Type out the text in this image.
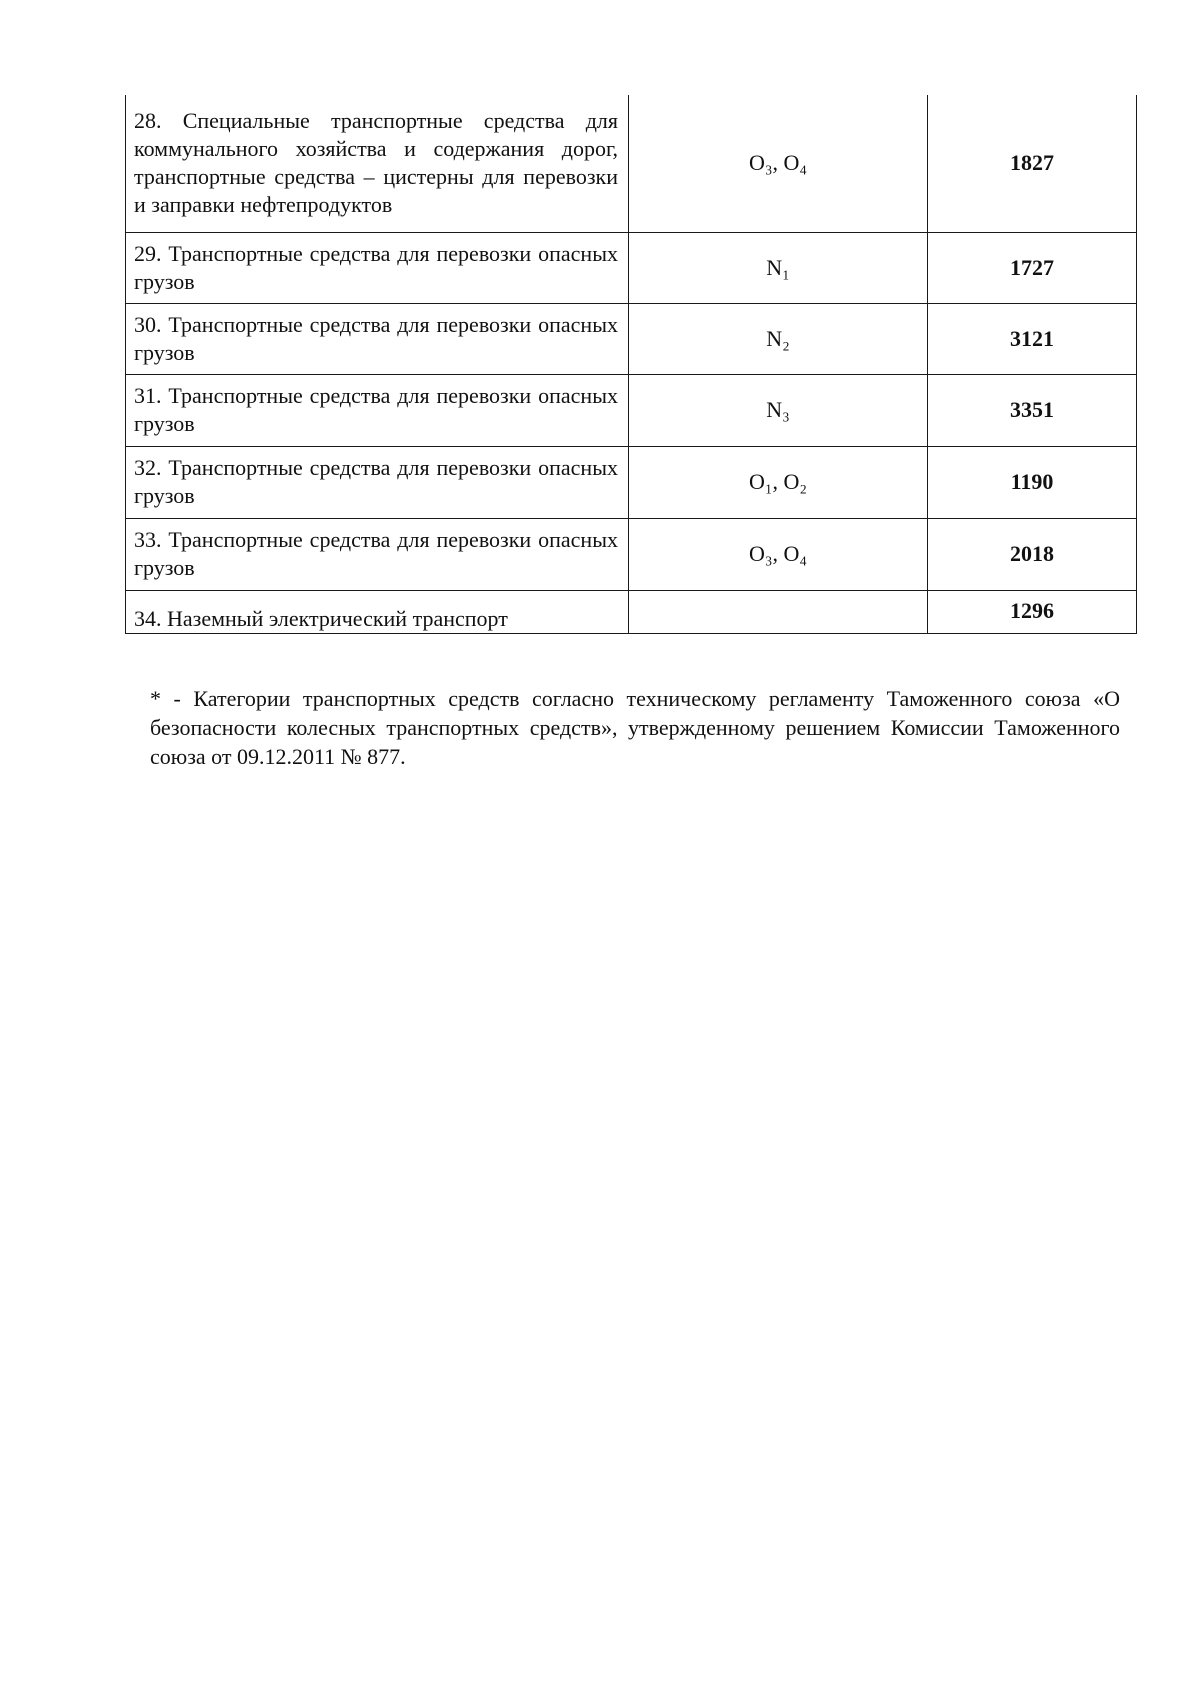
28. Специальные транспортные средства для коммунального хозяйства и содержания дорог, транспортные средства – цистерны для перевозки и заправки нефтепродуктов	O₃, O₄	1827
29. Транспортные средства для перевозки опасных грузов	N₁	1727
30. Транспортные средства для перевозки опасных грузов	N₂	3121
31. Транспортные средства для перевозки опасных грузов	N₃	3351
32. Транспортные средства для перевозки опасных грузов	O₁, O₂	1190
33. Транспортные средства для перевозки опасных грузов	O₃, O₄	2018
34. Наземный электрический транспорт		1296

* - Категории транспортных средств согласно техническому регламенту Таможенного союза «О безопасности колесных транспортных средств», утвержденному решением Комиссии Таможенного союза от 09.12.2011 № 877.
